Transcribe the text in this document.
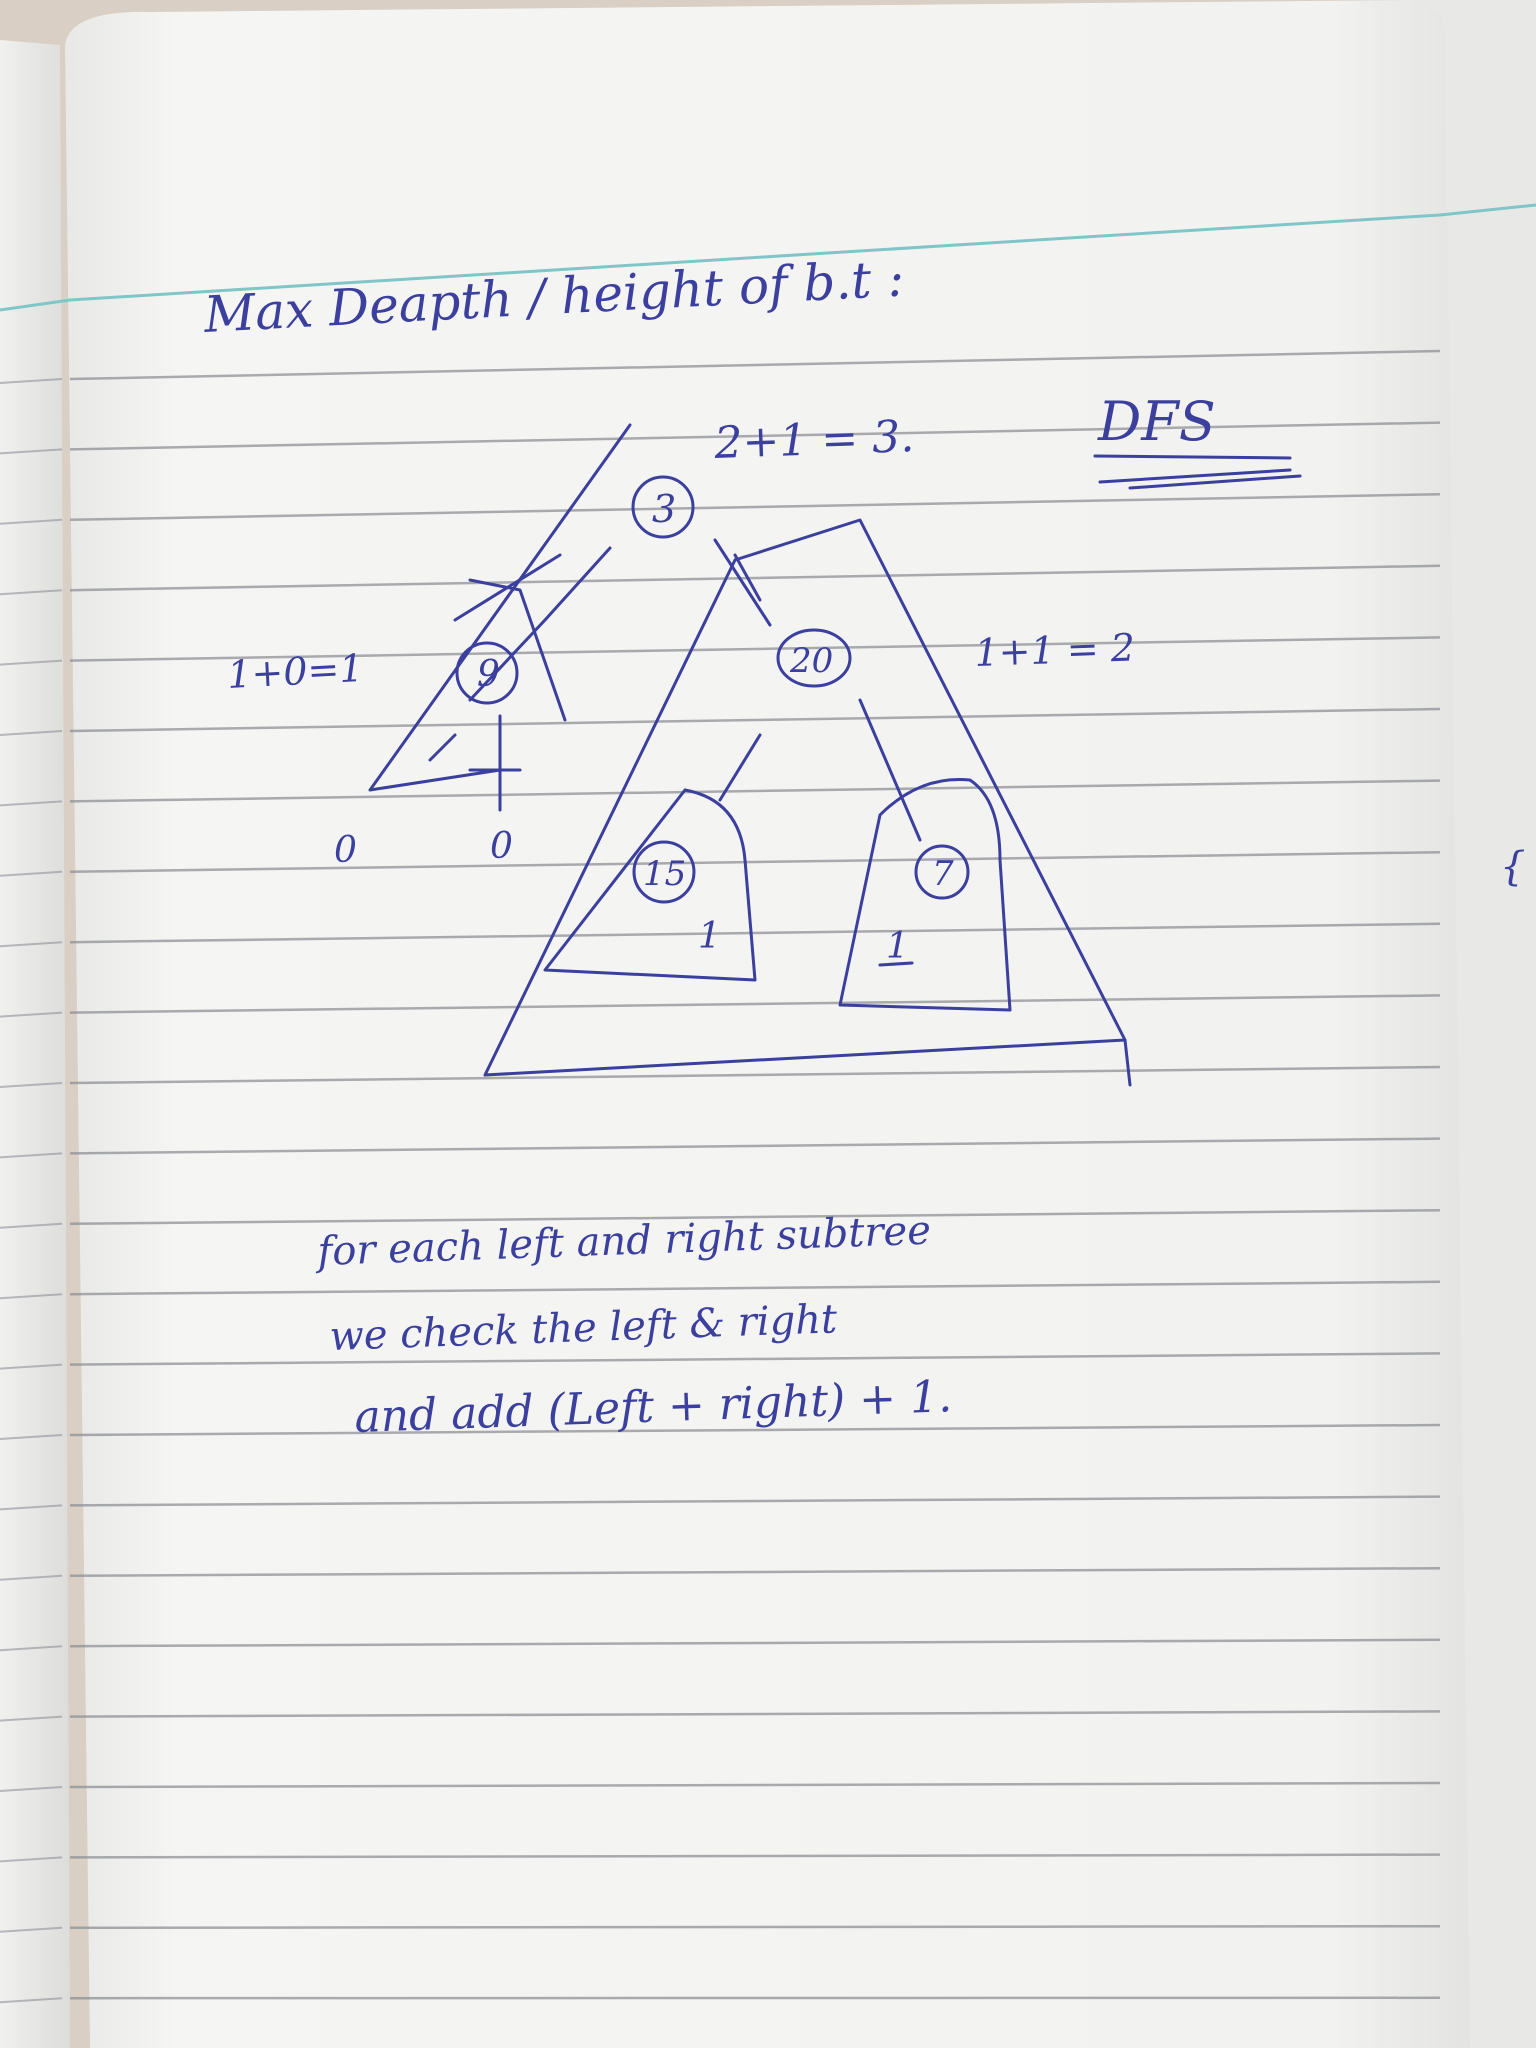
Max Deapth / height of b.t :
2+1 = 3.	DFS
1+0=1	1+1 = 2
3
9	20
15	7
0	0
1	1
for each left and right subtree
we check the left & right
and add (Left + right) + 1.
{
